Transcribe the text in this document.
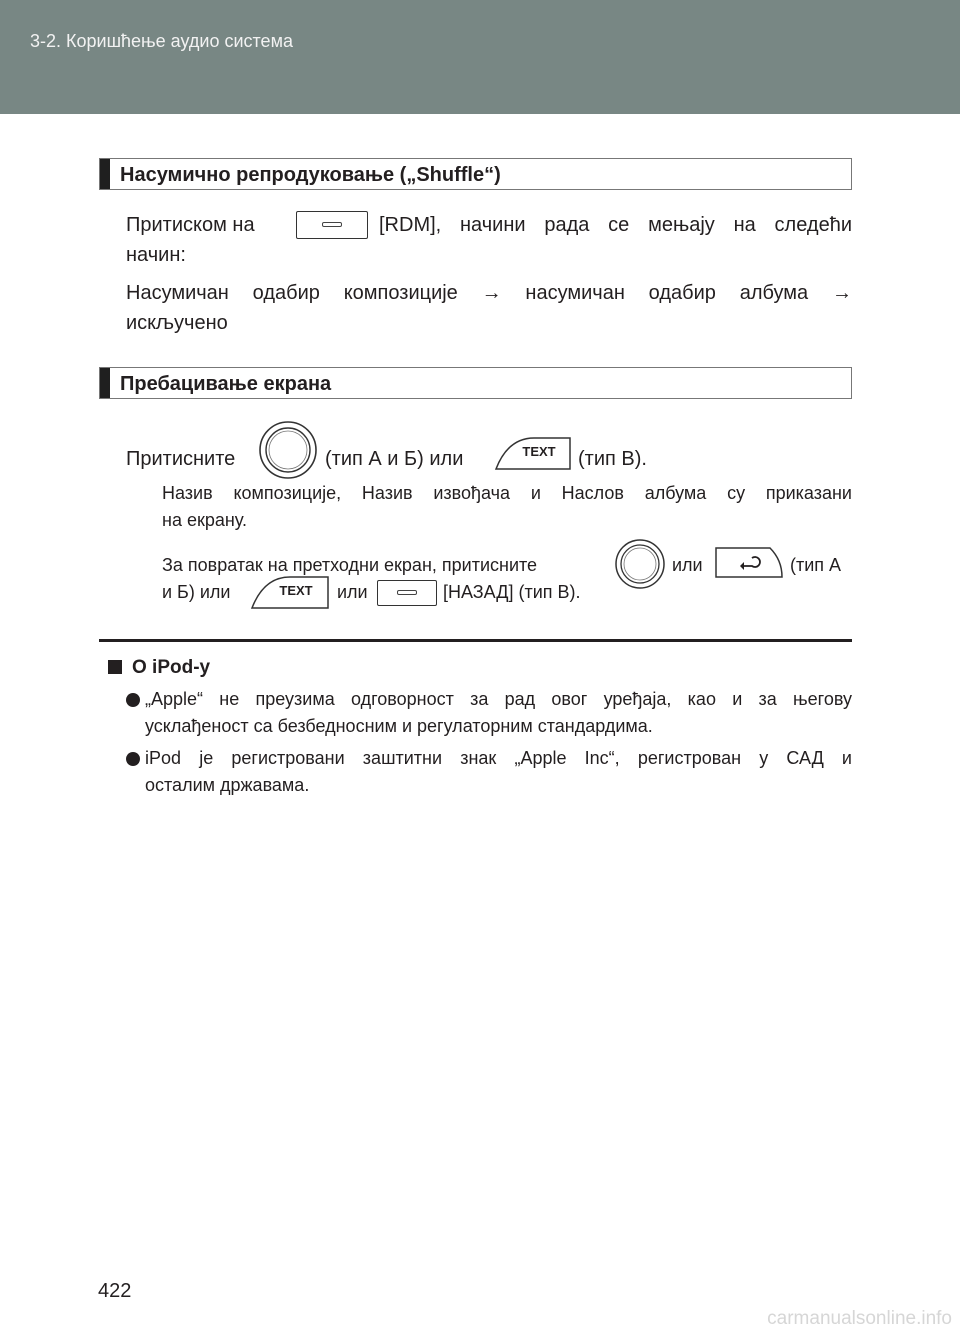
3-2. Коришћење аудио система
Насумично репродуковање („Shuffle“)
Притиском на	[RDM], начини рада се мењају на следећи
начин:
Насумичан одабир композиције → насумичан одабир албума →
искључено
Пребацивање екрана
Притисните	(тип А и Б) или	TEXT (тип В).
Назив композиције, Назив извођача и Наслов албума су приказани
на екрану.
За повратак на претходни екран, притисните	или	(тип А
и Б) или	TEXT или	[НАЗАД] (тип В).
О iPod-у
„Apple“ не преузима одговорност за рад овог уређаја, као и за његову
усклађеност са безбедносним и регулаторним стандардима.
iPod је регистровани заштитни знак „Apple Inc“, регистрован у САД и
осталим државама.
422
carmanualsonline.info
